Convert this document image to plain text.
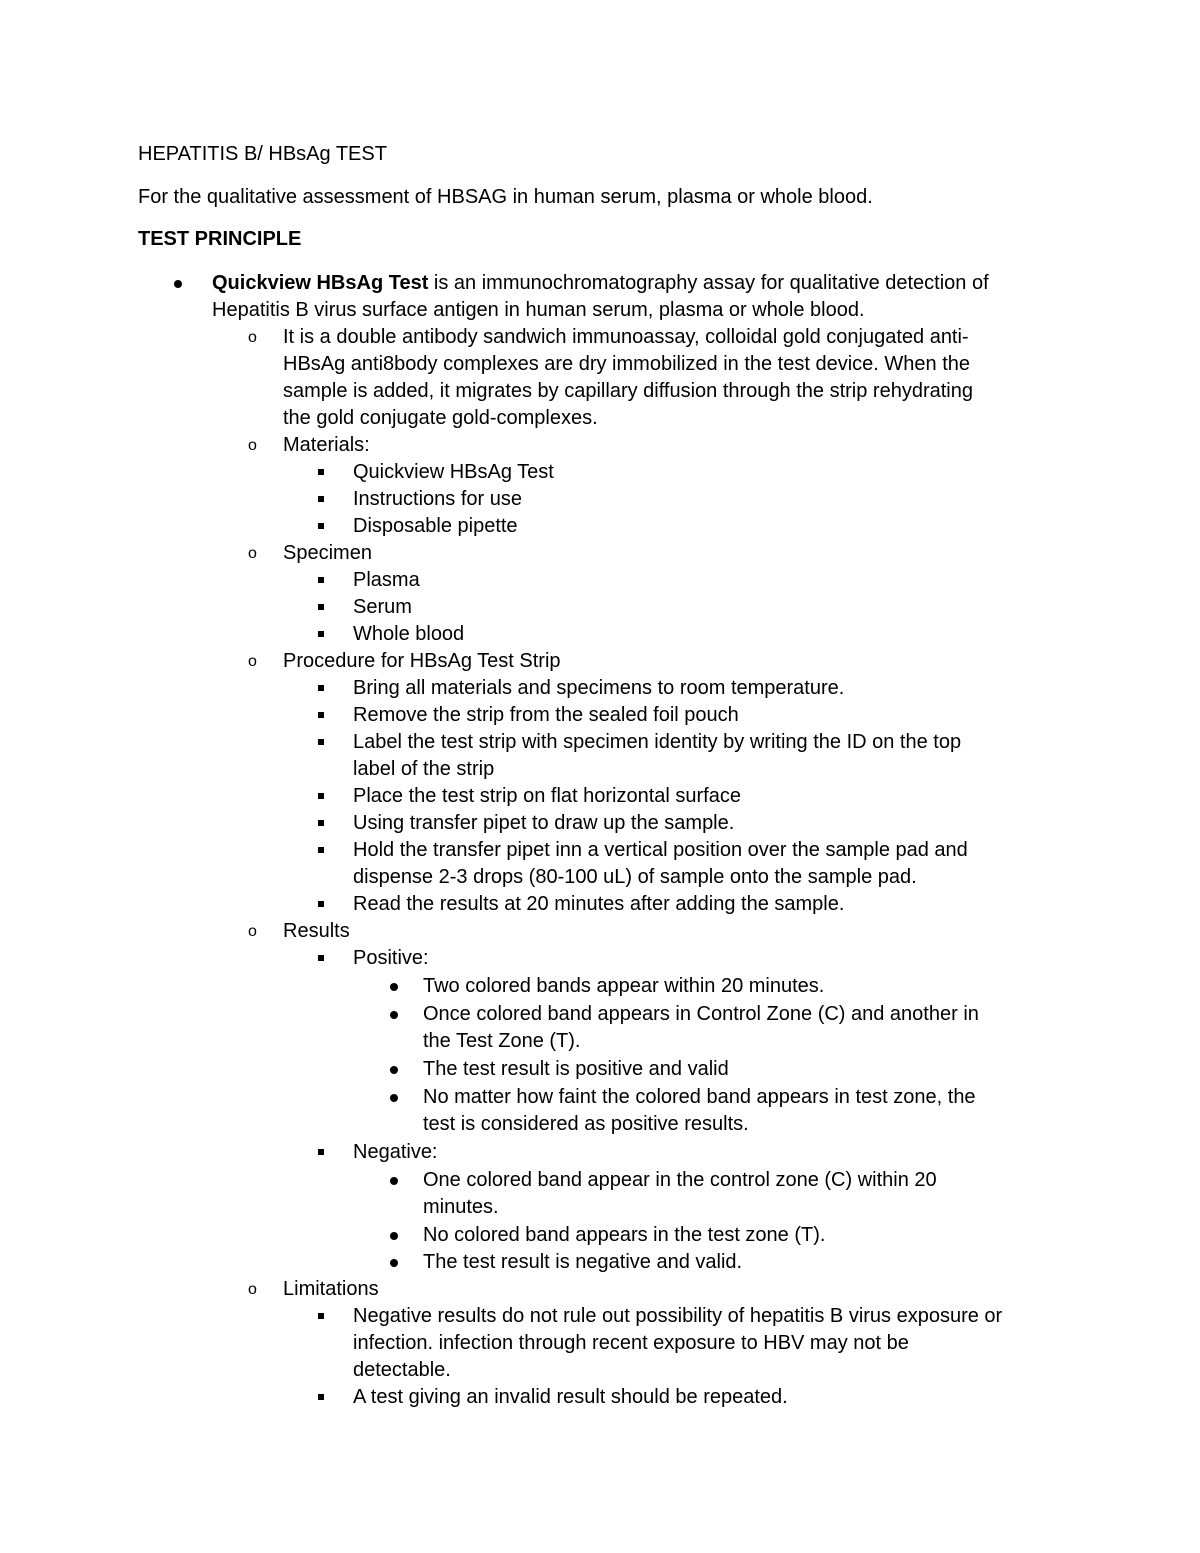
HEPATITIS B/ HBsAg TEST
For the qualitative assessment of HBSAG in human serum, plasma or whole blood.
TEST PRINCIPLE
Quickview HBsAg Test is an immunochromatography assay for qualitative detection of
Hepatitis B virus surface antigen in human serum, plasma or whole blood.
o It is a double antibody sandwich immunoassay, colloidal gold conjugated anti-
HBsAg anti8body complexes are dry immobilized in the test device. When the
sample is added, it migrates by capillary diffusion through the strip rehydrating
the gold conjugate gold-complexes.
o Materials:
Quickview HBsAg Test
Instructions for use
Disposable pipette
o Specimen
Plasma
Serum
Whole blood
o Procedure for HBsAg Test Strip
Bring all materials and specimens to room temperature.
Remove the strip from the sealed foil pouch
Label the test strip with specimen identity by writing the ID on the top
label of the strip
Place the test strip on flat horizontal surface
Using transfer pipet to draw up the sample.
Hold the transfer pipet inn a vertical position over the sample pad and
dispense 2-3 drops (80-100 uL) of sample onto the sample pad.
Read the results at 20 minutes after adding the sample.
o Results
Positive:
Two colored bands appear within 20 minutes.
Once colored band appears in Control Zone (C) and another in
the Test Zone (T).
The test result is positive and valid
No matter how faint the colored band appears in test zone, the
test is considered as positive results.
Negative:
One colored band appear in the control zone (C) within 20
minutes.
No colored band appears in the test zone (T).
The test result is negative and valid.
o Limitations
Negative results do not rule out possibility of hepatitis B virus exposure or
infection. infection through recent exposure to HBV may not be
detectable.
A test giving an invalid result should be repeated.
